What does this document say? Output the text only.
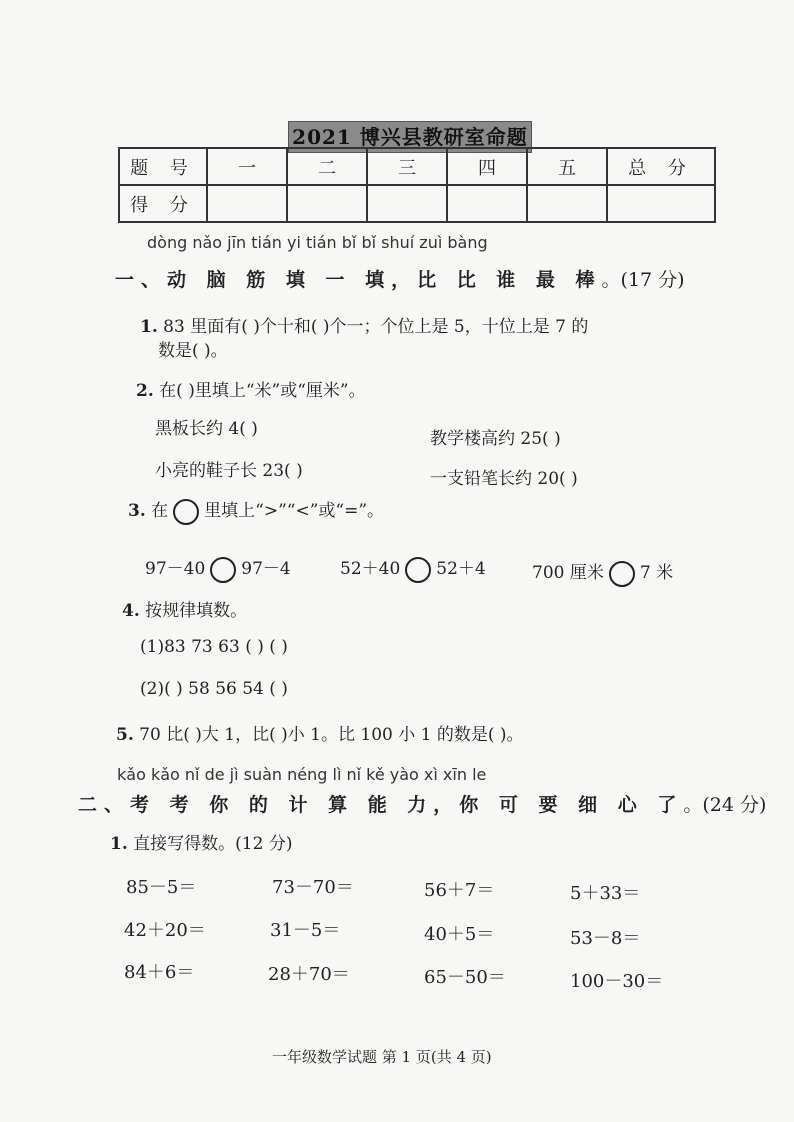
2021 博兴县教研室命题
题 号	一	二	三	四	五	总 分
得 分						
dòng nǎo jīn tián yi tián bǐ bǐ shuí zuì bàng
一、动 脑 筋 填 一 填，比 比 谁 最 棒。(17 分)
1. 83 里面有( )个十和( )个一；个位上是 5，十位上是 7 的
数是( )。
2. 在( )里填上“米”或“厘米”。
黑板长约 4( )	教学楼高约 25( )
小亮的鞋子长 23( )	一支铅笔长约 20( )
3. 在 里填上“>”“<”或“=”。
97－40 97－4	52＋40 52＋4	700 厘米 7 米
4. 按规律填数。
(1)83 73 63 ( ) ( )
(2)( ) 58 56 54 ( )
5. 70 比( )大 1，比( )小 1。比 100 小 1 的数是( )。
kǎo kǎo nǐ de jì suàn néng lì nǐ kě yào xì xīn le
二、考 考 你 的 计 算 能 力，你 可 要 细 心 了。(24 分)
1. 直接写得数。(12 分)
85－5＝	73－70＝	56＋7＝	5＋33＝
42＋20＝	31－5＝	40＋5＝	53－8＝
84＋6＝	28＋70＝	65－50＝	100－30＝
一年级数学试题 第 1 页(共 4 页)
